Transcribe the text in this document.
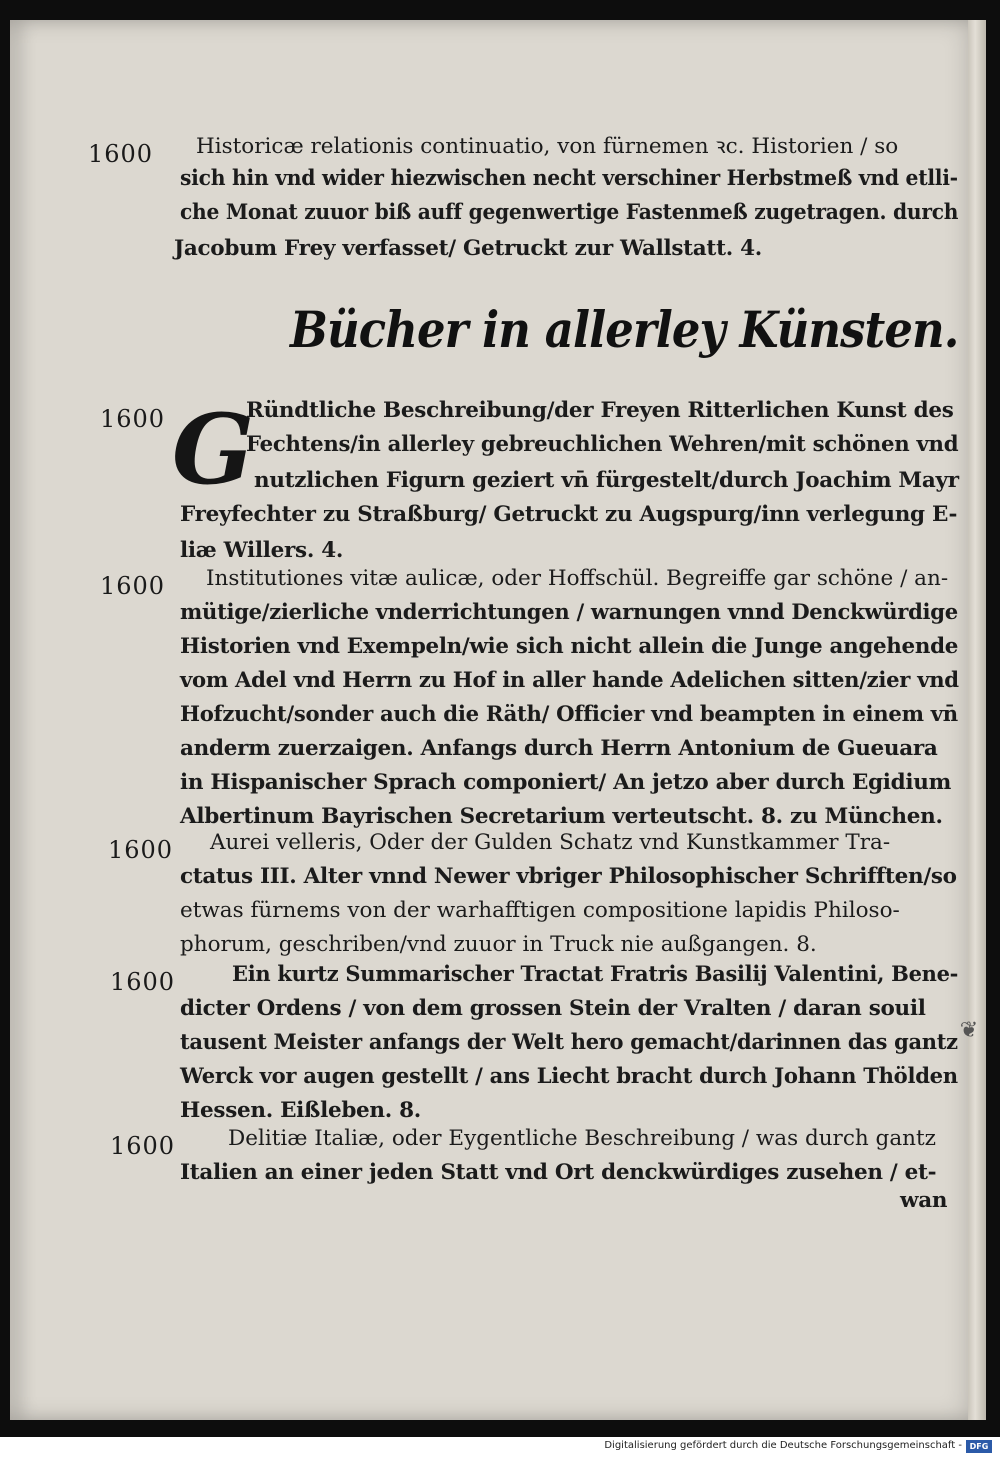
1600	Historicæ relationis continuatio, von fürnemen ꝛc. Historien / so
sich hin vnd wider hiezwischen necht verschiner Herbstmeß vnd etlli-
che Monat zuuor biß auff gegenwertige Fastenmeß zugetragen. durch
Jacobum Frey verfasset/ Getruckt zur Wallstatt. 4.
Bücher in allerley Künsten.
1600 G
Ründtliche Beschreibung/der Freyen Ritterlichen Kunst des
Fechtens/in allerley gebreuchlichen Wehren/mit schönen vnd
nutzlichen Figurn geziert vn̄ fürgestelt/durch Joachim Mayr
Freyfechter zu Straßburg/ Getruckt zu Augspurg/inn verlegung E-
liæ Willers. 4.
1600	Institutiones vitæ aulicæ, oder Hoffschül. Begreiffe gar schöne / an-
mütige/zierliche vnderrichtungen / warnungen vnnd Denckwürdige
Historien vnd Exempeln/wie sich nicht allein die Junge angehende
vom Adel vnd Herrn zu Hof in aller hande Adelichen sitten/zier vnd
Hofzucht/sonder auch die Räth/ Officier vnd beampten in einem vn̄
anderm zuerzaigen. Anfangs durch Herrn Antonium de Gueuara
in Hispanischer Sprach componiert/ An jetzo aber durch Egidium
Albertinum Bayrischen Secretarium verteutscht. 8. zu München.
1600	Aurei velleris, Oder der Gulden Schatz vnd Kunstkammer Tra-
ctatus III. Alter vnnd Newer vbriger Philosophischer Schrifften/so
etwas fürnems von der warhafftigen compositione lapidis Philoso-
phorum, geschriben/vnd zuuor in Truck nie außgangen. 8.
1600	Ein kurtz Summarischer Tractat Fratris Basilij Valentini, Bene-
dicter Ordens / von dem grossen Stein der Vralten / daran souil
tausent Meister anfangs der Welt hero gemacht/darinnen das gantz
Werck vor augen gestellt / ans Liecht bracht durch Johann Thölden
Hessen. Eißleben. 8.
❦
1600	Delitiæ Italiæ, oder Eygentliche Beschreibung / was durch gantz
Italien an einer jeden Statt vnd Ort denckwürdiges zusehen / et-
wan
Digitalisierung gefördert durch die Deutsche Forschungsgemeinschaft - DFG
